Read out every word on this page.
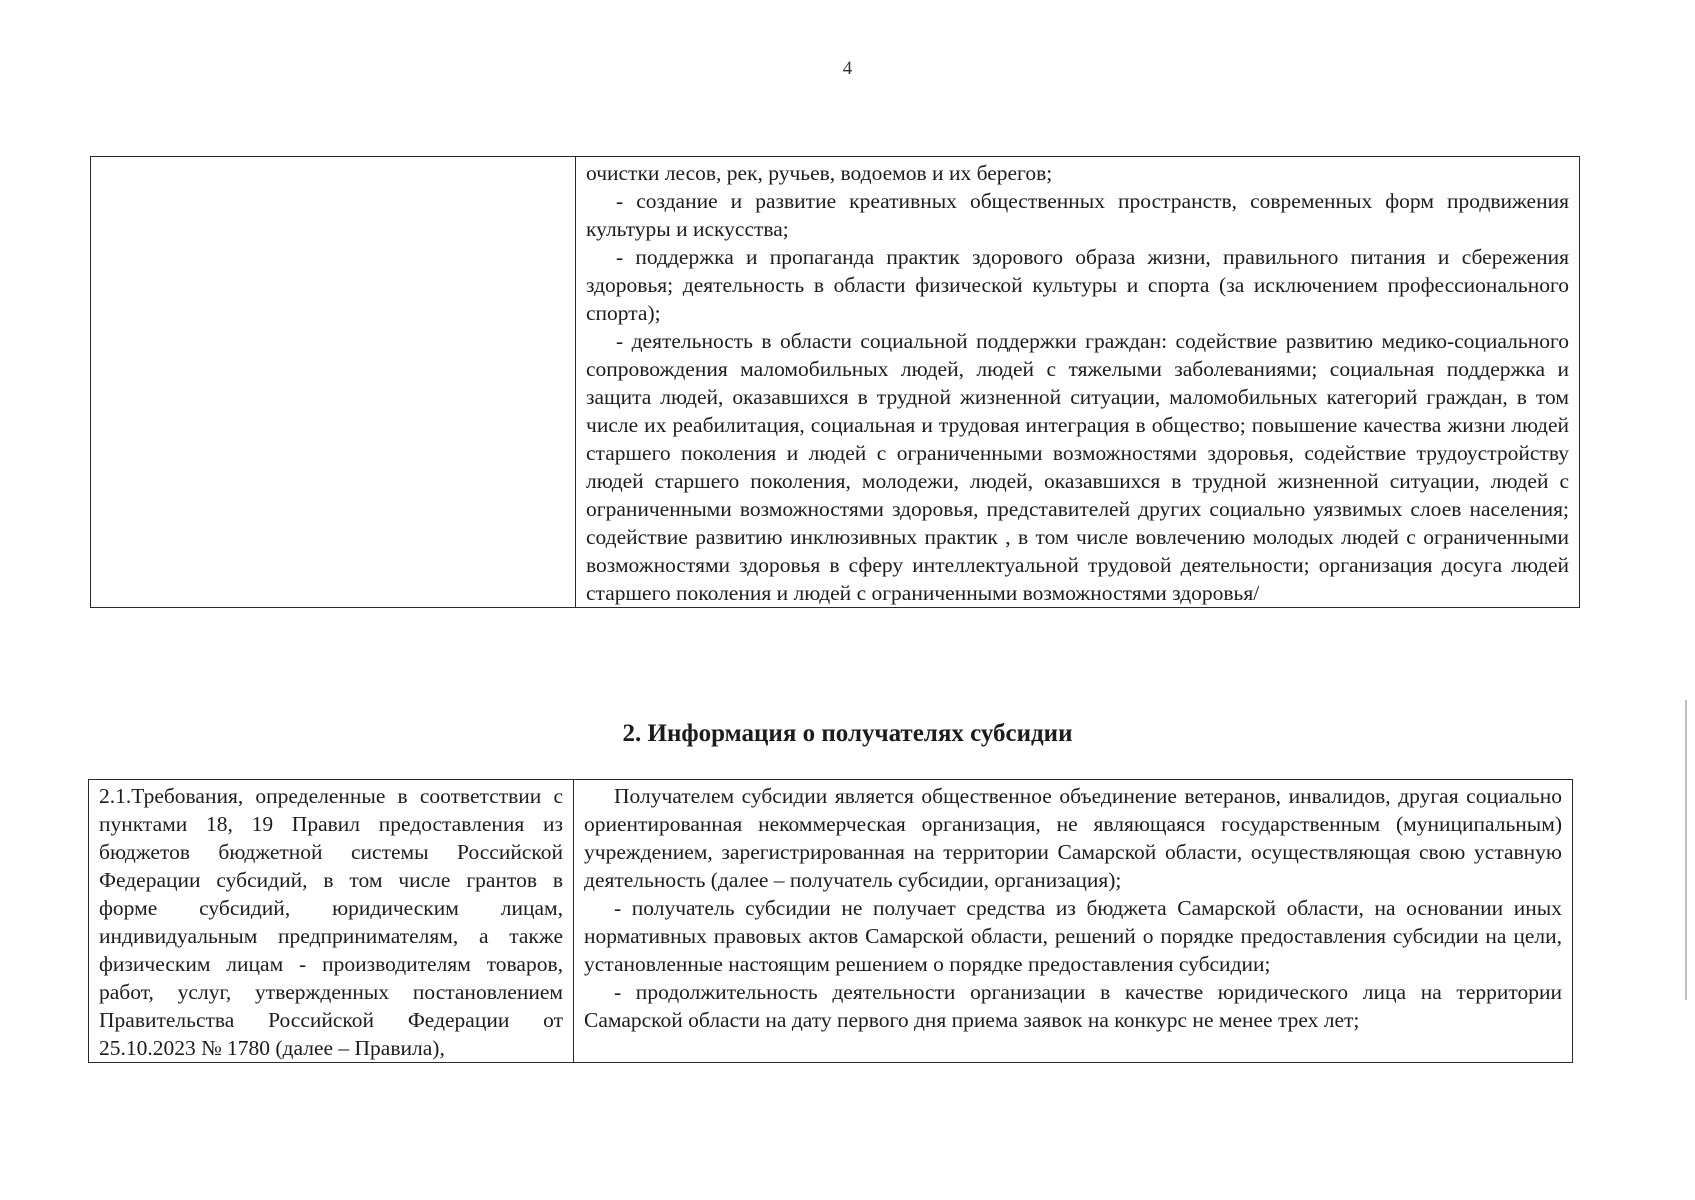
4

очистки лесов, рек, ручьев, водоемов и их берегов;

- создание и развитие креативных общественных пространств, современных форм продвижения культуры и искусства;

- поддержка и пропаганда практик здорового образа жизни, правильного питания и сбережения здоровья; деятельность в области физической культуры и спорта (за исключением профессионального спорта);

- деятельность в области социальной поддержки граждан: содействие развитию медико-социального сопровождения маломобильных людей, людей с тяжелыми заболеваниями; социальная поддержка и защита людей, оказавшихся в трудной жизненной ситуации, маломобильных категорий граждан, в том числе их реабилитация, социальная и трудовая интеграция в общество; повышение качества жизни людей старшего поколения и людей с ограниченными возможностями здоровья, содействие трудоустройству людей старшего поколения, молодежи, людей, оказавшихся в трудной жизненной ситуации, людей с ограниченными возможностями здоровья, представителей других социально уязвимых слоев населения; содействие развитию инклюзивных практик , в том числе вовлечению молодых людей с ограниченными возможностями здоровья в сферу интеллектуальной трудовой деятельности; организация досуга людей старшего поколения и людей с ограниченными возможностями здоровья/

2. Информация о получателях субсидии

2.1.Требования, определенные в соответствии с пунктами 18, 19 Правил предоставления из бюджетов бюджетной системы Российской Федерации субсидий, в том числе грантов в форме субсидий, юридическим лицам, индивидуальным предпринимателям, а также физическим лицам - производителям товаров, работ, услуг, утвержденных постановлением Правительства Российской Федерации от 25.10.2023 № 1780 (далее – Правила),

Получателем субсидии является общественное объединение ветеранов, инвалидов, другая социально ориентированная некоммерческая организация, не являющаяся государственным (муниципальным) учреждением, зарегистрированная на территории Самарской области, осуществляющая свою уставную деятельность (далее – получатель субсидии, организация);

- получатель субсидии не получает средства из бюджета Самарской области, на основании иных нормативных правовых актов Самарской области, решений о порядке предоставления субсидии на цели, установленные настоящим решением о порядке предоставления субсидии;

- продолжительность деятельности организации в качестве юридического лица на территории Самарской области на дату первого дня приема заявок на конкурс не менее трех лет;
